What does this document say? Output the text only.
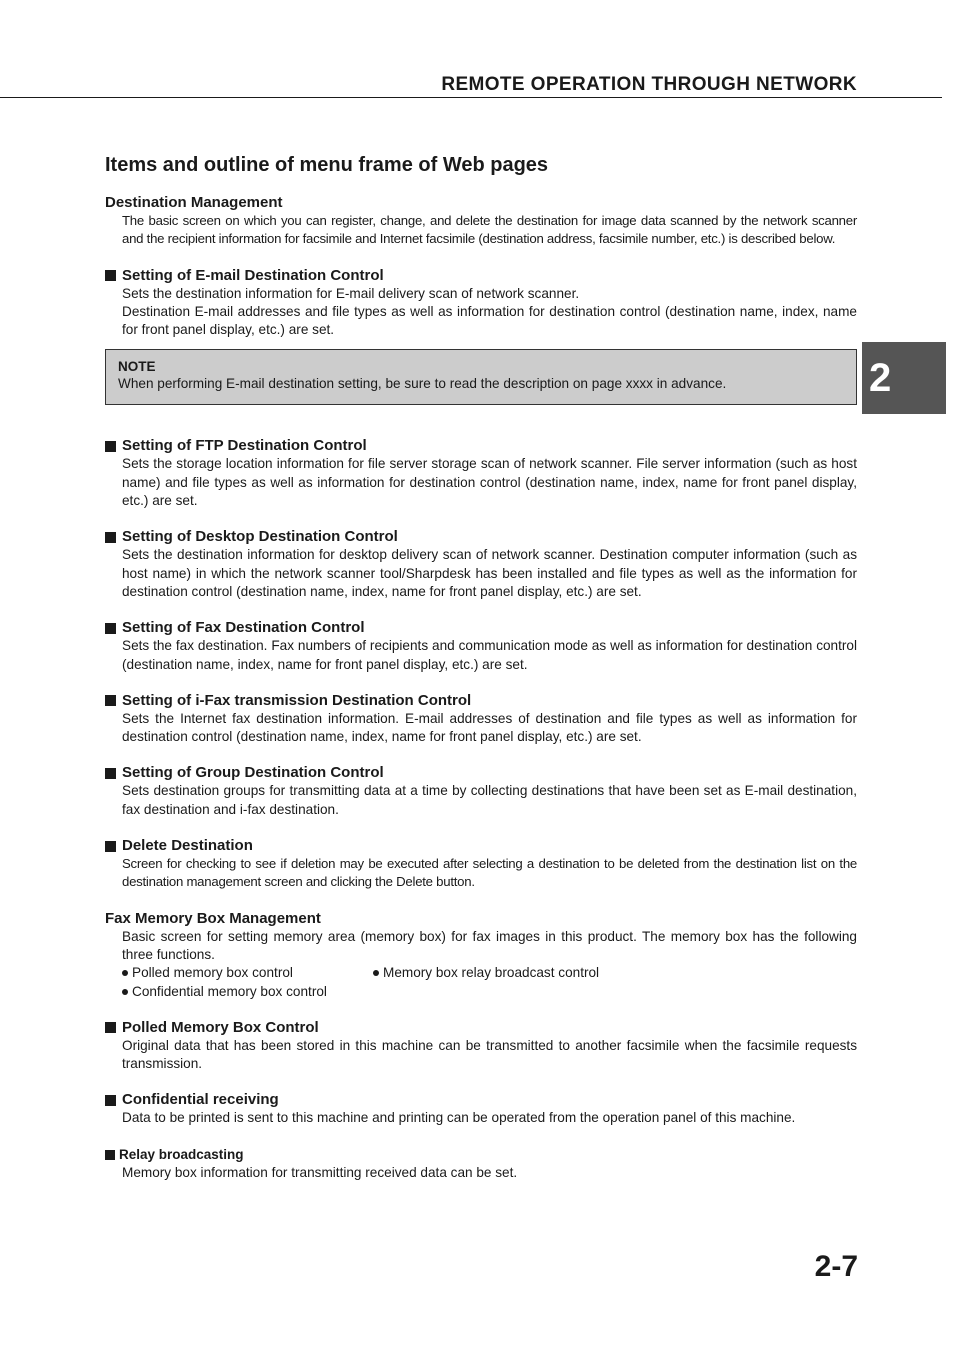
REMOTE OPERATION THROUGH NETWORK
2
Items and outline of menu frame of Web pages
Destination Management

The basic screen on which you can register, change, and delete the destination for image data scanned by the network scanner and the recipient information for facsimile and Internet facsimile (destination address, facsimile number, etc.) is described below.

Setting of E-mail Destination Control

Sets the destination information for E-mail delivery scan of network scanner.

Destination E-mail addresses and file types as well as information for destination control (destination name, index, name for front panel display, etc.) are set.

NOTE
When performing E-mail destination setting, be sure to read the description on page xxxx in advance.
Setting of FTP Destination Control

Sets the storage location information for file server storage scan of network scanner. File server information (such as host name) and file types as well as information for destination control (destination name, index, name for front panel display, etc.) are set.

Setting of Desktop Destination Control

Sets the destination information for desktop delivery scan of network scanner. Destination computer information (such as host name) in which the network scanner tool/Sharpdesk has been installed and file types as well as the information for destination control (destination name, index, name for front panel display, etc.) are set.

Setting of Fax Destination Control

Sets the fax destination. Fax numbers of recipients and communication mode as well as information for destination control (destination name, index, name for front panel display, etc.) are set.

Setting of i-Fax transmission Destination Control

Sets the Internet fax destination information. E-mail addresses of destination and file types as well as information for destination control (destination name, index, name for front panel display, etc.) are set.

Setting of Group Destination Control

Sets destination groups for transmitting data at a time by collecting destinations that have been set as E-mail destination, fax destination and i-fax destination.

Delete Destination

Screen for checking to see if deletion may be executed after selecting a destination to be deleted from the destination list on the destination management screen and clicking the Delete button.

Fax Memory Box Management

Basic screen for setting memory area (memory box) for fax images in this product. The memory box has the following three functions.

Polled memory box control	Memory box relay broadcast control
Confidential memory box control
Polled Memory Box Control

Original data that has been stored in this machine can be transmitted to another facsimile when the facsimile requests transmission.

Confidential receiving

Data to be printed is sent to this machine and printing can be operated from the operation panel of this machine.

Relay broadcasting

Memory box information for transmitting received data can be set.

2-7
